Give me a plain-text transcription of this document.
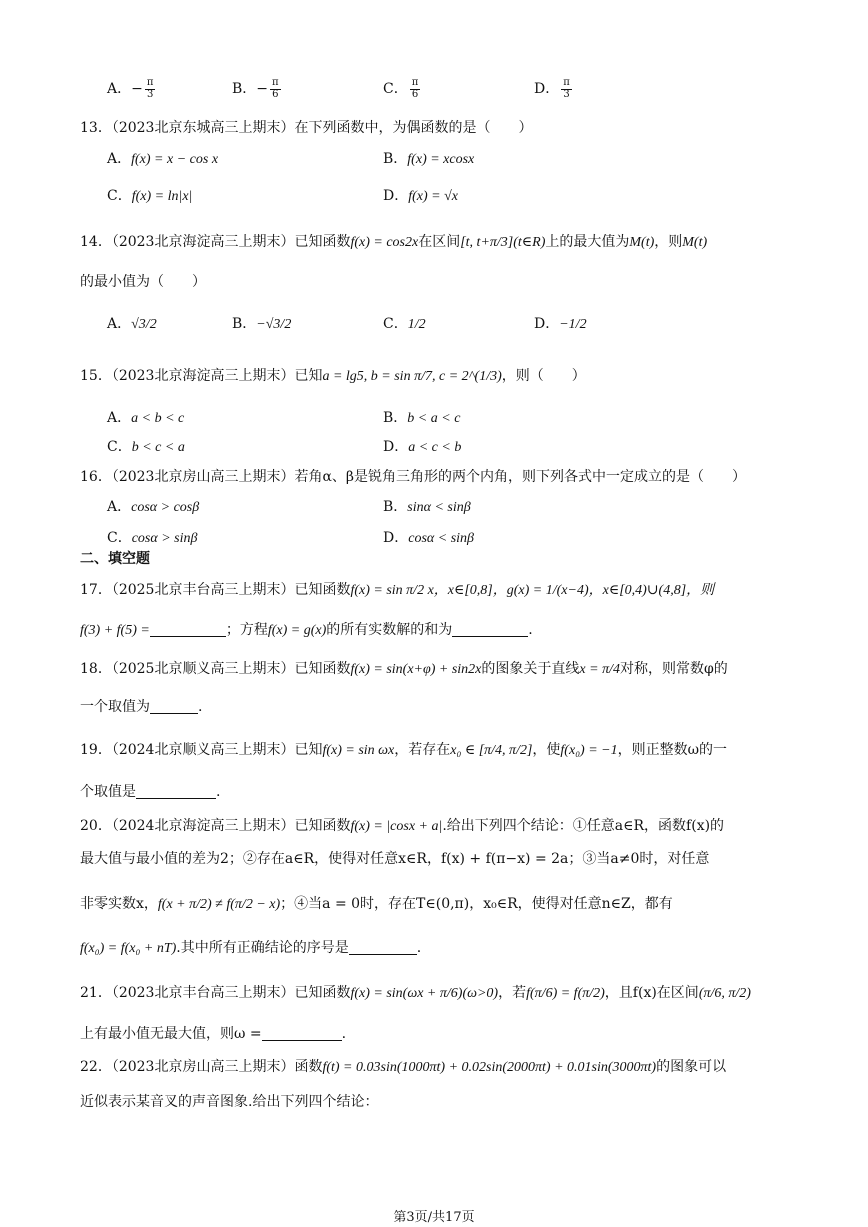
A．− $\frac{\pi}{3}$	B．− $\frac{\pi}{6}$	C． $\frac{\pi}{6}$	D． $\frac{\pi}{3}$
13．（2023北京东城高三上期末）在下列函数中，为偶函数的是（　　）
A．f(x) = x − cos x	B．f(x) = xcosx
C．f(x) = ln|x|	D．f(x) = √x
14．（2023北京海淀高三上期末）已知函数f(x) = cos2x在区间[t, t+π/3](t∈R)上的最大值为M(t)，则M(t)
的最小值为（　　）
A．√3/2	B．−√3/2	C．1/2	D．−1/2
15．（2023北京海淀高三上期末）已知a = lg5, b = sin π/7, c = 2^(1/3)，则（　　）
A．a < b < c	B．b < a < c
C．b < c < a	D．a < c < b
16．（2023北京房山高三上期末）若角α、β是锐角三角形的两个内角，则下列各式中一定成立的是（　　）
A．cosα > cosβ	B．sinα < sinβ
C．cosα > sinβ	D．cosα < sinβ
二、填空题
17．（2025北京丰台高三上期末）已知函数f(x) = sin π/2 x，x∈[0,8]，g(x) = 1/(x−4)，x∈[0,4)∪(4,8]，则
f(3) + f(5) =	；方程f(x) = g(x)的所有实数解的和为	.
18．（2025北京顺义高三上期末）已知函数f(x) = sin(x+φ) + sin2x的图象关于直线x = π/4对称，则常数φ的
一个取值为	.
19．（2024北京顺义高三上期末）已知f(x) = sin ωx，若存在x₀ ∈ [π/4, π/2]，使f(x₀) = −1，则正整数ω的一
个取值是	.
20．（2024北京海淀高三上期末）已知函数f(x) = |cosx + a|.给出下列四个结论：①任意a∈R，函数f(x)的
最大值与最小值的差为2；②存在a∈R，使得对任意x∈R，f(x) + f(π−x) = 2a；③当a≠0时，对任意
非零实数x，f(x + π/2) ≠ f(π/2 − x)；④当a = 0时，存在T∈(0,π)，x₀∈R，使得对任意n∈Z，都有
f(x₀) = f(x₀ + nT).其中所有正确结论的序号是	.
21．（2023北京丰台高三上期末）已知函数f(x) = sin(ωx + π/6)(ω>0)，若f(π/6) = f(π/2)，且f(x)在区间(π/6, π/2)
上有最小值无最大值，则ω =	.
22．（2023北京房山高三上期末）函数f(t) = 0.03sin(1000πt) + 0.02sin(2000πt) + 0.01sin(3000πt)的图象可以
近似表示某音叉的声音图象.给出下列四个结论：
第3页/共17页
